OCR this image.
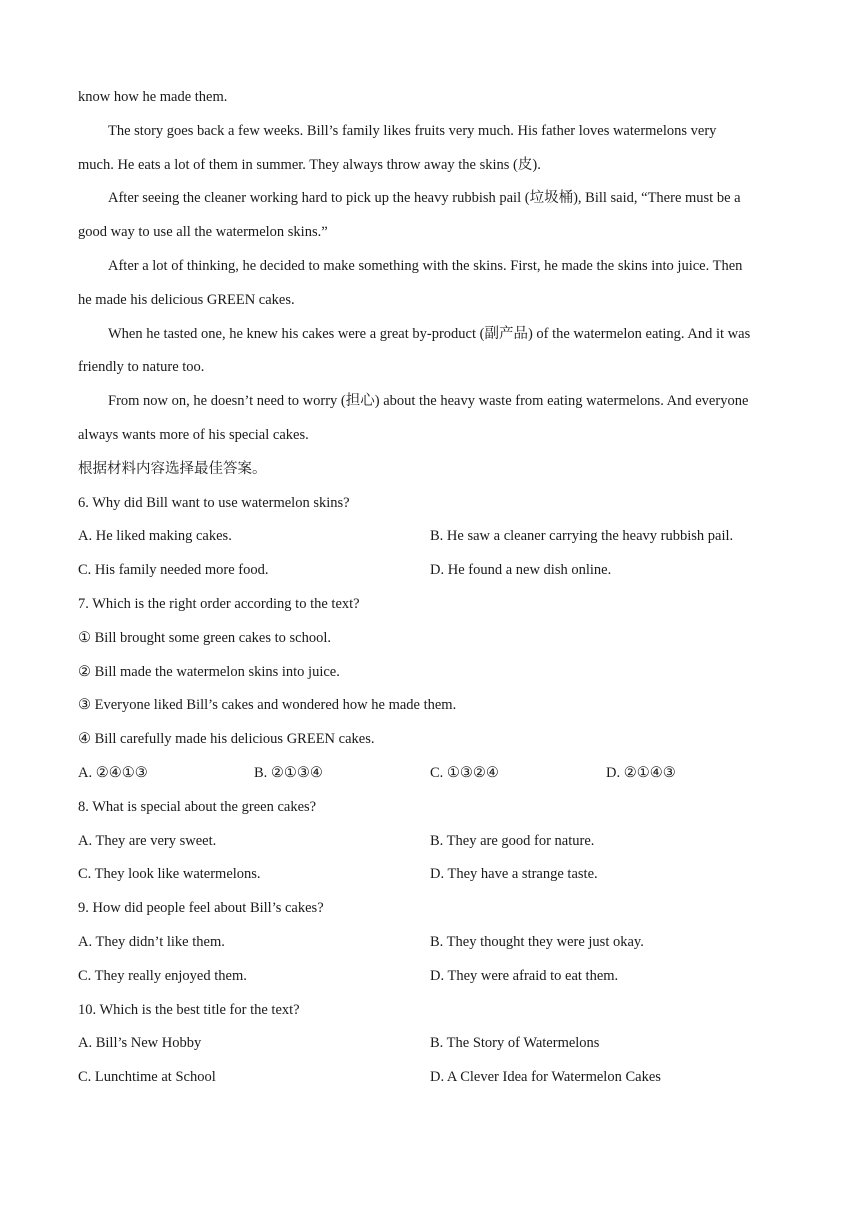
know how he made them.
The story goes back a few weeks. Bill’s family likes fruits very much. His father loves watermelons very
much. He eats a lot of them in summer. They always throw away the skins (皮).
After seeing the cleaner working hard to pick up the heavy rubbish pail (垃圾桶), Bill said, “There must be a
good way to use all the watermelon skins.”
After a lot of thinking, he decided to make something with the skins. First, he made the skins into juice. Then
he made his delicious GREEN cakes.
When he tasted one, he knew his cakes were a great by-product (副产品) of the watermelon eating. And it was
friendly to nature too.
From now on, he doesn’t need to worry (担心) about the heavy waste from eating watermelons. And everyone
always wants more of his special cakes.
根据材料内容选择最佳答案。
6. Why did Bill want to use watermelon skins?
A. He liked making cakes.	B. He saw a cleaner carrying the heavy rubbish pail.
C. His family needed more food.	D. He found a new dish online.
7. Which is the right order according to the text?
① Bill brought some green cakes to school.
② Bill made the watermelon skins into juice.
③ Everyone liked Bill’s cakes and wondered how he made them.
④ Bill carefully made his delicious GREEN cakes.
A. ②④①③	B. ②①③④	C. ①③②④	D. ②①④③
8. What is special about the green cakes?
A. They are very sweet.	B. They are good for nature.
C. They look like watermelons.	D. They have a strange taste.
9. How did people feel about Bill’s cakes?
A. They didn’t like them.	B. They thought they were just okay.
C. They really enjoyed them.	D. They were afraid to eat them.
10. Which is the best title for the text?
A. Bill’s New Hobby	B. The Story of Watermelons
C. Lunchtime at School	D. A Clever Idea for Watermelon Cakes
